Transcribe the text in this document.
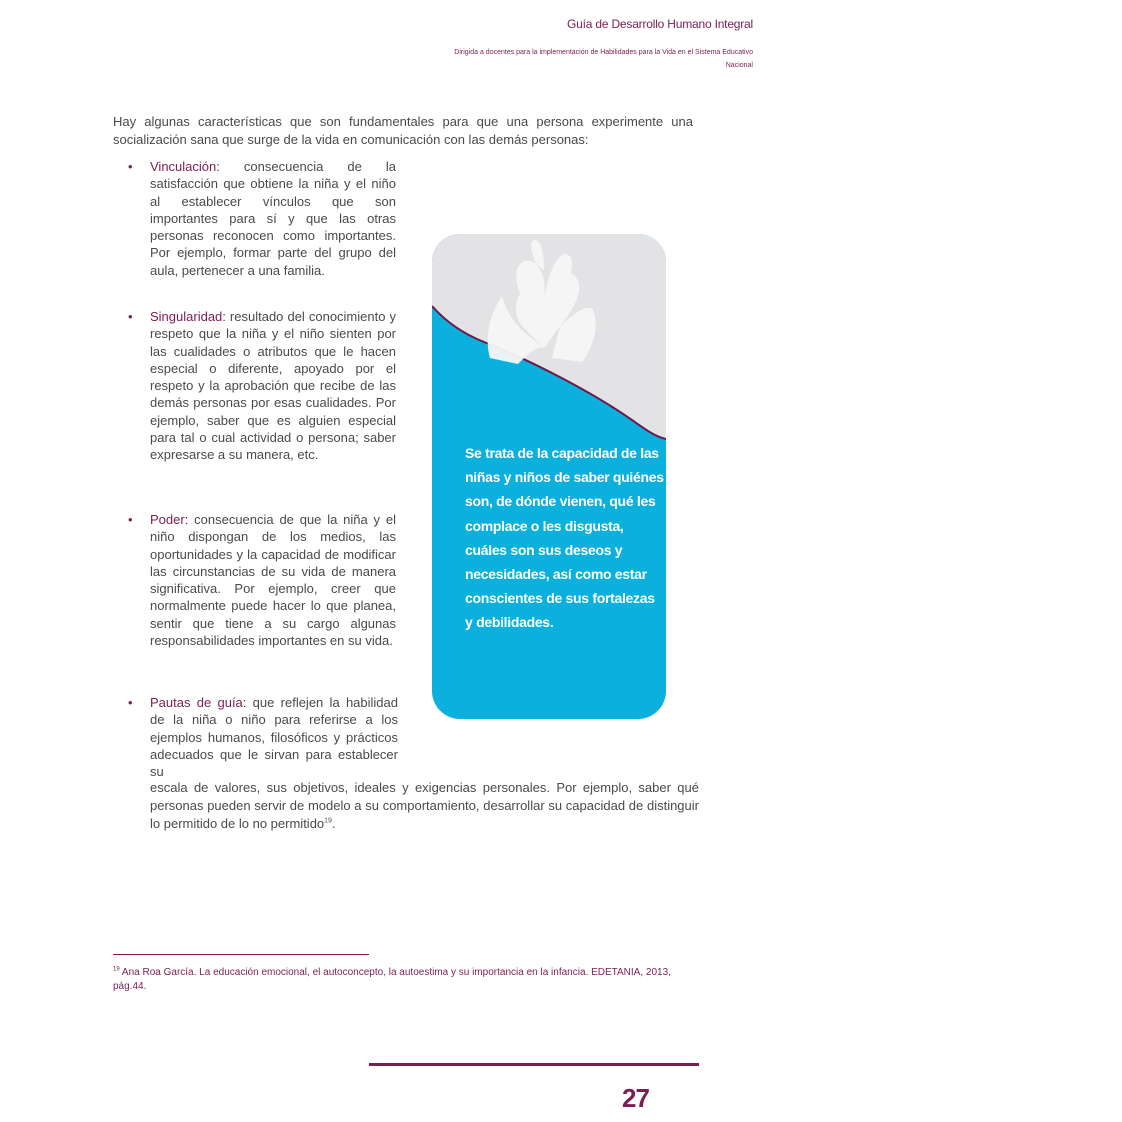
Guía de Desarrollo Humano Integral
Dirigida a docentes para la implementación de Habilidades para la Vida en el Sistema Educativo Nacional

Hay algunas características que son fundamentales para que una persona experimente una socialización sana que surge de la vida en comunicación con las demás personas:

• Vinculación: consecuencia de la satisfacción que obtiene la niña y el niño al establecer vínculos que son importantes para sí y que las otras personas reconocen como importantes. Por ejemplo, formar parte del grupo del aula, pertenecer a una familia.
• Singularidad: resultado del conocimiento y respeto que la niña y el niño sienten por las cualidades o atributos que le hacen especial o diferente, apoyado por el respeto y la aprobación que recibe de las demás personas por esas cualidades. Por ejemplo, saber que es alguien especial para tal o cual actividad o persona; saber expresarse a su manera, etc.
• Poder: consecuencia de que la niña y el niño dispongan de los medios, las oportunidades y la capacidad de modificar las circunstancias de su vida de manera significativa. Por ejemplo, creer que normalmente puede hacer lo que planea, sentir que tiene a su cargo algunas responsabilidades importantes en su vida.
• Pautas de guía: que reflejen la habilidad de la niña o niño para referirse a los ejemplos humanos, filosóficos y prácticos adecuados que le sirvan para establecer su

escala de valores, sus objetivos, ideales y exigencias personales. Por ejemplo, saber qué personas pueden servir de modelo a su comportamiento, desarrollar su capacidad de distinguir lo permitido de lo no permitido$^{19}$.

Se trata de la capacidad de las niñas y niños de saber quiénes son, de dónde vienen, qué les complace o les disgusta, cuáles son sus deseos y necesidades, así como estar conscientes de sus fortalezas y debilidades.
$^{19}$ Ana Roa García. La educación emocional, el autoconcepto, la autoestima y su importancia en la infancia. EDETANIA, 2013, pág.44.
27
